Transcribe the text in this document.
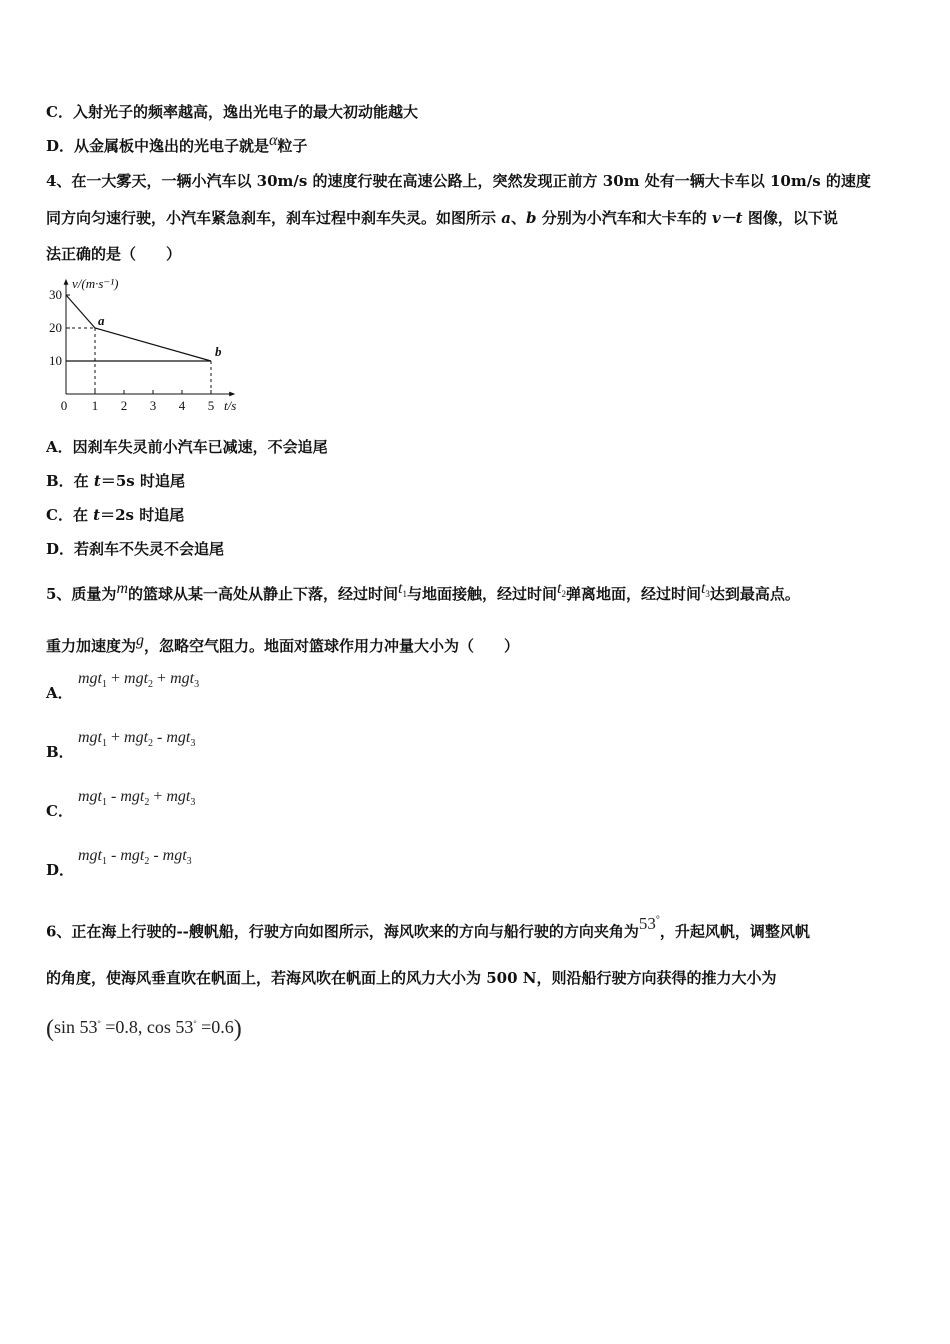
C．入射光子的频率越高，逸出光电子的最大初动能越大
D．从金属板中逸出的光电子就是α粒子
4、在一大雾天，一辆小汽车以 30m/s 的速度行驶在高速公路上，突然发现正前方 30m 处有一辆大卡车以 10m/s 的速度
同方向匀速行驶，小汽车紧急刹车，刹车过程中刹车失灵。如图所示 a、b 分别为小汽车和大卡车的 v－t 图像，以下说
法正确的是（　　）
v/(m·s⁻¹)
t/s
30
20
10
0 1 2 3 4 5
a
b
A．因刹车失灵前小汽车已减速，不会追尾
B．在 t＝5s 时追尾
C．在 t＝2s 时追尾
D．若刹车不失灵不会追尾
5、质量为m的篮球从某一高处从静止下落，经过时间$t_1$与地面接触，经过时间$t_2$弹离地面，经过时间$t_3$达到最高点。
重力加速度为g，忽略空气阻力。地面对篮球作用力冲量大小为（　　）
A．
mgt$_1$ + mgt$_2$ + mgt$_3$
B．
mgt$_1$ + mgt$_2$ - mgt$_3$
C．
mgt$_1$ - mgt$_2$ + mgt$_3$
D．
mgt$_1$ - mgt$_2$ - mgt$_3$
6、正在海上行驶的--艘帆船，行驶方向如图所示，海风吹来的方向与船行驶的方向夹角为53°，升起风帆，调整风帆
的角度，使海风垂直吹在帆面上，若海风吹在帆面上的风力大小为 500 N，则沿船行驶方向获得的推力大小为
(sin 53° =0.8, cos 53° =0.6)
